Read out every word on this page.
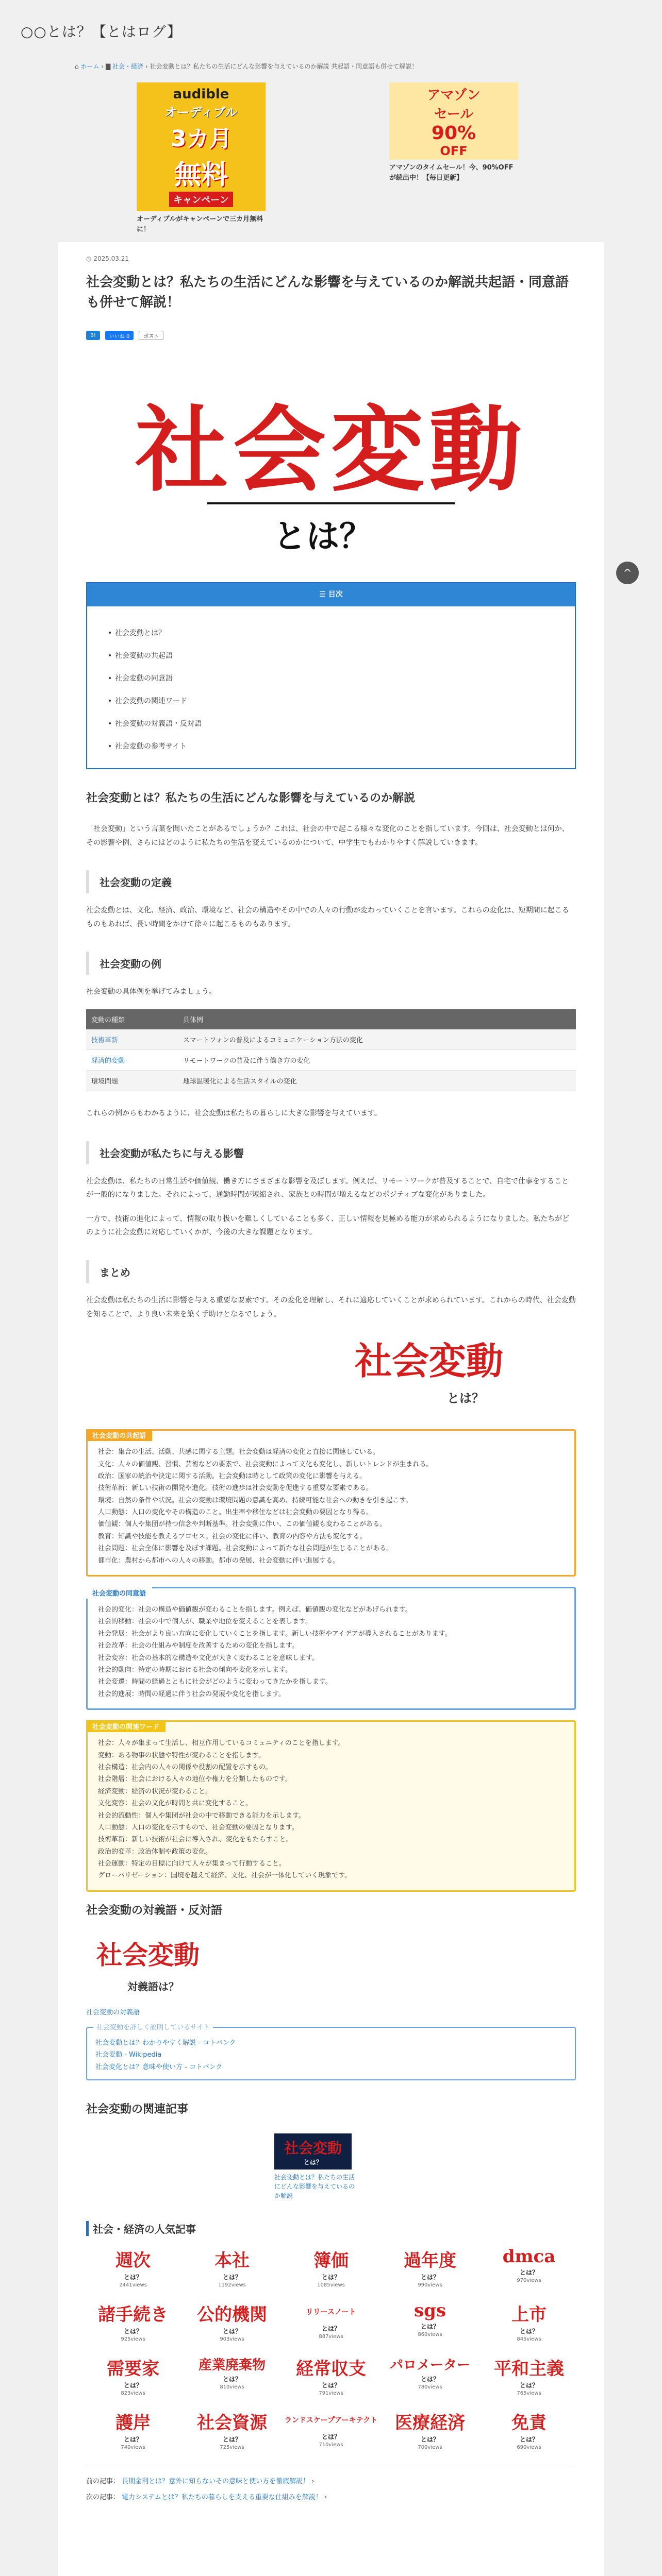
○○とは？【とはログ】
⌂ ホーム › ▇ 社会・経済 › 社会変動とは？私たちの生活にどんな影響を与えているのか解説 共起語・同意語も併せて解説！
audible
オーディブル
3カ月
無料
キャンペーン
オーディブルがキャンペーンで三カ月無料に！
アマゾン
セール
90%
OFF
アマゾンのタイムセール！今、90%OFFが続出中！【毎日更新】
◷ 2025.03.21
社会変動とは？私たちの生活にどんな影響を与えているのか解説共起語・同意語も併せて解説！
B!	いいね 0	ポスト
社会変動
とは？
☰ 目次
• 社会変動とは？
• 社会変動の共起語
• 社会変動の同意語
• 社会変動の関連ワード
• 社会変動の対義語・反対語
• 社会変動の参考サイト
社会変動とは？私たちの生活にどんな影響を与えているのか解説

「社会変動」という言葉を聞いたことがあるでしょうか？これは、社会の中で起こる様々な変化のことを指しています。今回は、社会変動とは何か、その影響や例、さらにはどのように私たちの生活を変えているのかについて、中学生でもわかりやすく解説していきます。

社会変動の定義

社会変動とは、文化、経済、政治、環境など、社会の構造やその中での人々の行動が変わっていくことを言います。これらの変化は、短期間に起こるものもあれば、長い時間をかけて徐々に起こるものもあります。

社会変動の例

社会変動の具体例を挙げてみましょう。

変動の種類	具体例
技術革新	スマートフォンの普及によるコミュニケーション方法の変化
経済的変動	リモートワークの普及に伴う働き方の変化
環境問題	地球温暖化による生活スタイルの変化

これらの例からもわかるように、社会変動は私たちの暮らしに大きな影響を与えています。

社会変動が私たちに与える影響

社会変動は、私たちの日常生活や価値観、働き方にさまざまな影響を及ぼします。例えば、リモートワークが普及することで、自宅で仕事をすることが一般的になりました。それによって、通勤時間が短縮され、家族との時間が増えるなどのポジティブな変化がありました。

一方で、技術の進化によって、情報の取り扱いを難しくしていることも多く、正しい情報を見極める能力が求められるようになりました。私たちがどのように社会変動に対応していくかが、今後の大きな課題となります。

まとめ

社会変動は私たちの生活に影響を与える重要な要素です。その変化を理解し、それに適応していくことが求められています。これからの時代、社会変動を知ることで、より良い未来を築く手助けとなるでしょう。

社会変動
とは？
社会変動の共起語
社会：集合の生活、活動、共感に関する主題。社会変動は経済の変化と直接に関連している。
文化：人々の価値観、習慣、芸術などの要素で、社会変動によって文化も変化し、新しいトレンドが生まれる。
政治：国家の統治や決定に関する活動。社会変動は時として政策の変化に影響を与える。
技術革新：新しい技術の開発や進化。技術の進歩は社会変動を促進する重要な要素である。
環境：自然の条件や状況。社会の変動は環境問題の意識を高め、持続可能な社会への動きを引き起こす。
人口動態：人口の変化やその構造のこと。出生率や移住などは社会変動の要因となり得る。
価値観：個人や集団が持つ信念や判断基準。社会変動に伴い、この価値観も変わることがある。
教育：知識や技能を教えるプロセス。社会の変化に伴い、教育の内容や方法も変化する。
社会問題：社会全体に影響を及ぼす課題。社会変動によって新たな社会問題が生じることがある。
都市化：農村から都市への人々の移動。都市の発展、社会変動に伴い進展する。
社会変動の同意語
社会的変化：社会の構造や価値観が変わることを指します。例えば、価値観の変化などがあげられます。
社会的移動：社会の中で個人が、職業や地位を変えることを表します。
社会発展：社会がより良い方向に変化していくことを指します。新しい技術やアイデアが導入されることがあります。
社会改革：社会の仕組みや制度を改善するための変化を指します。
社会変容：社会の基本的な構造や文化が大きく変わることを意味します。
社会的動向：特定の時期における社会の傾向や変化を示します。
社会変遷：時間の経過とともに社会がどのように変わってきたかを指します。
社会的進展：時間の経過に伴う社会の発展や変化を指します。
社会変動の関連ワード
社会：人々が集まって生活し、相互作用しているコミュニティのことを指します。
変動：ある物事の状態や特性が変わることを指します。
社会構造：社会内の人々の関係や役割の配置を示すもの。
社会階層：社会における人々の地位や権力を分類したものです。
経済変動：経済の状況が変わること。
文化変容：社会の文化が時間と共に変化すること。
社会的流動性：個人や集団が社会の中で移動できる能力を示します。
人口動態：人口の変化を示すもので、社会変動の要因となります。
技術革新：新しい技術が社会に導入され、変化をもたらすこと。
政治的変革：政治体制や政策の変化。
社会運動：特定の目標に向けて人々が集まって行動すること。
グローバリゼーション：国境を越えて経済、文化、社会が一体化していく現象です。
社会変動の対義語・反対語
社会変動
対義語は？
社会変動の対義語
社会変動を詳しく説明しているサイト
社会変動とは？わかりやすく解説 - コトバンク
社会変動 - Wikipedia
社会変化とは？意味や使い方 - コトバンク
社会変動の関連記事
社会変動
とは？
社会変動とは？私たちの生活にどんな影響を与えているのか解説
社会・経済の人気記事
週次
とは？
2441views
本社
とは？
1192views
簿価
とは？
1085views
過年度
とは？
990views
dmca
とは？
970views
諸手続き
とは？
925views
公的機関
とは？
903views
リリースノート
とは？
887views
sgs
とは？
860views
上市
とは？
845views
需要家
とは？
823views
産業廃棄物
とは？
810views
経常収支
とは？
791views
パロメーター
とは？
780views
平和主義
とは？
765views
護岸
とは？
740views
社会資源
とは？
725views
ランドスケープアーキテクト
とは？
710views
医療経済
とは？
700views
免責
とは？
690views
前の記事： 長期金利とは？意外に知らないその意味と使い方を徹底解説！ ›
次の記事： 電力システムとは？私たちの暮らしを支える重要な仕組みを解説！ ›
^
